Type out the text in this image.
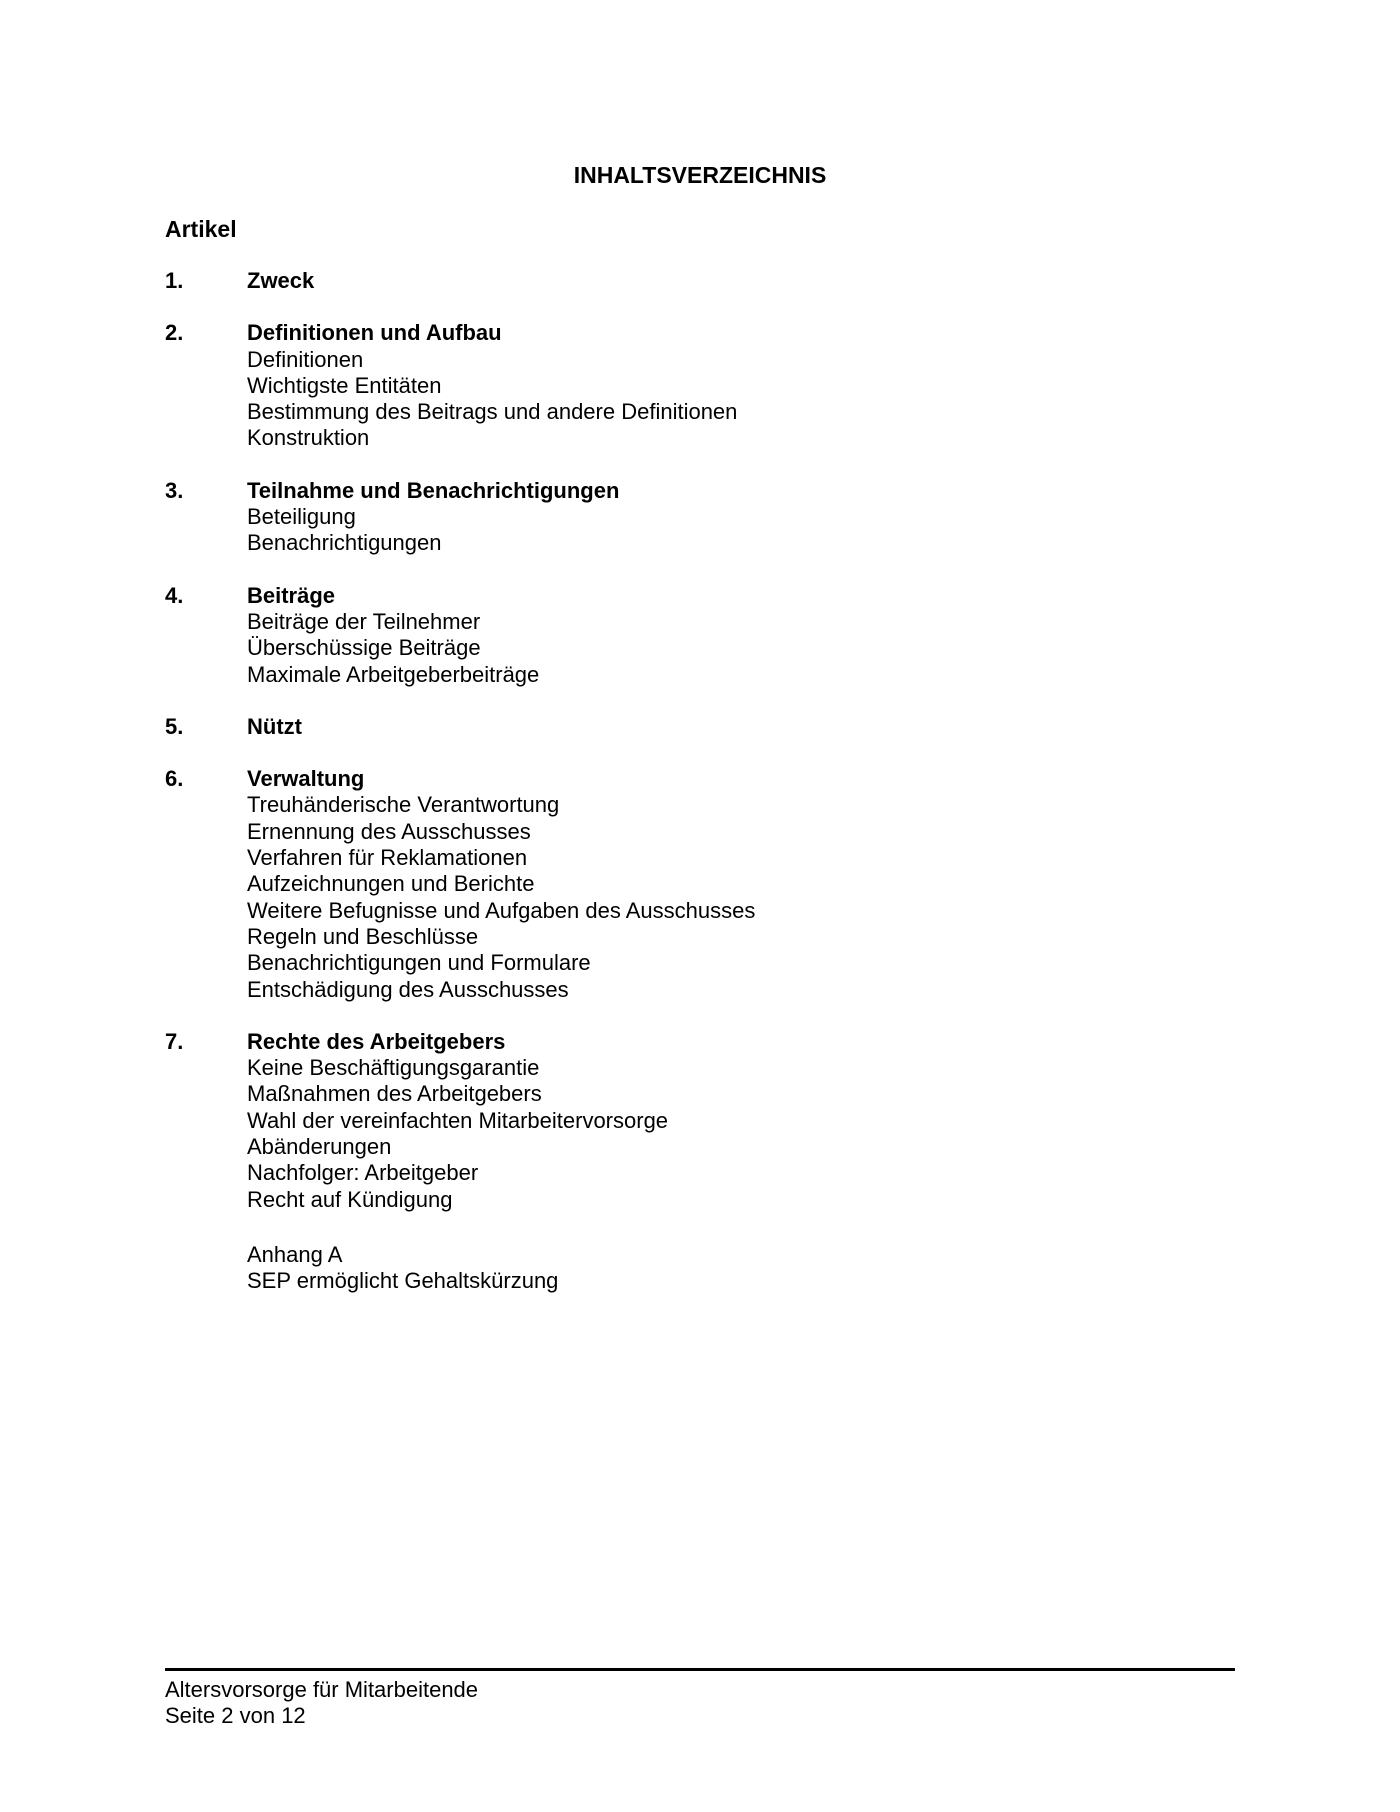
INHALTSVERZEICHNIS
Artikel
1.	Zweck
2.	Definitionen und Aufbau
Definitionen
Wichtigste Entitäten
Bestimmung des Beitrags und andere Definitionen
Konstruktion
3.	Teilnahme und Benachrichtigungen
Beteiligung
Benachrichtigungen
4.	Beiträge
Beiträge der Teilnehmer
Überschüssige Beiträge
Maximale Arbeitgeberbeiträge
5.	Nützt
6.	Verwaltung
Treuhänderische Verantwortung
Ernennung des Ausschusses
Verfahren für Reklamationen
Aufzeichnungen und Berichte
Weitere Befugnisse und Aufgaben des Ausschusses
Regeln und Beschlüsse
Benachrichtigungen und Formulare
Entschädigung des Ausschusses
7.	Rechte des Arbeitgebers
Keine Beschäftigungsgarantie
Maßnahmen des Arbeitgebers
Wahl der vereinfachten Mitarbeitervorsorge
Abänderungen
Nachfolger: Arbeitgeber
Recht auf Kündigung
Anhang A
SEP ermöglicht Gehaltskürzung
Altersvorsorge für Mitarbeitende
Seite 2 von 12
